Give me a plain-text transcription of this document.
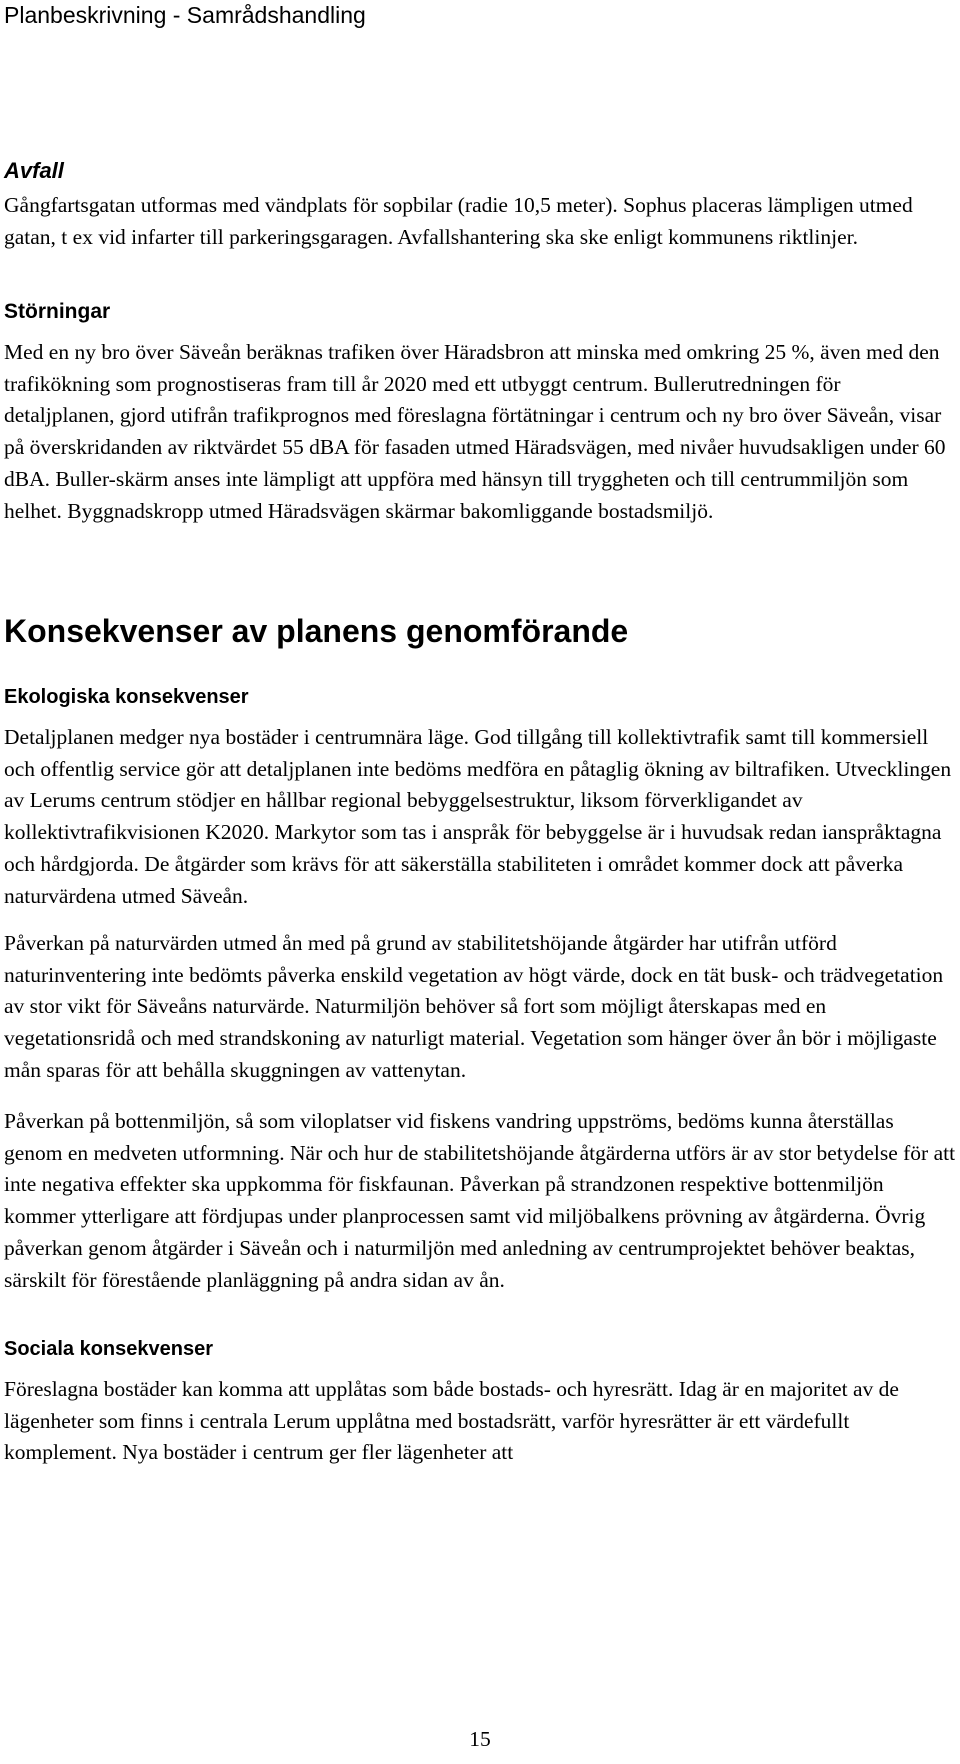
Planbeskrivning - Samrådshandling

Avfall

Gångfartsgatan utformas med vändplats för sopbilar (radie 10,5 meter). Sophus placeras lämpligen utmed gatan, t ex vid infarter till parkeringsgaragen. Avfallshantering ska ske enligt kommunens riktlinjer.

Störningar

Med en ny bro över Säveån beräknas trafiken över Häradsbron att minska med omkring 25 %, även med den trafikökning som prognostiseras fram till år 2020 med ett utbyggt centrum. Bullerutredningen för detaljplanen, gjord utifrån trafikprognos med föreslagna förtätningar i centrum och ny bro över Säveån, visar på överskridanden av riktvärdet 55 dBA för fasaden utmed Häradsvägen, med nivåer huvudsakligen under 60 dBA. Buller-skärm anses inte lämpligt att uppföra med hänsyn till tryggheten och till centrummiljön som helhet. Byggnadskropp utmed Häradsvägen skärmar bakomliggande bostadsmiljö.

Konsekvenser av planens genomförande
Ekologiska konsekvenser

Detaljplanen medger nya bostäder i centrumnära läge. God tillgång till kollektivtrafik samt till kommersiell och offentlig service gör att detaljplanen inte bedöms medföra en påtaglig ökning av biltrafiken. Utvecklingen av Lerums centrum stödjer en hållbar regional bebyggelsestruktur, liksom förverkligandet av kollektivtrafikvisionen K2020. Markytor som tas i anspråk för bebyggelse är i huvudsak redan ianspråktagna och hårdgjorda. De åtgärder som krävs för att säkerställa stabiliteten i området kommer dock att påverka naturvärdena utmed Säveån.

Påverkan på naturvärden utmed ån med på grund av stabilitetshöjande åtgärder har utifrån utförd naturinventering inte bedömts påverka enskild vegetation av högt värde, dock en tät busk- och trädvegetation av stor vikt för Säveåns naturvärde. Naturmiljön behöver så fort som möjligt återskapas med en vegetationsridå och med strandskoning av naturligt material. Vegetation som hänger över ån bör i möjligaste mån sparas för att behålla skuggningen av vattenytan.

Påverkan på bottenmiljön, så som viloplatser vid fiskens vandring uppströms, bedöms kunna återställas genom en medveten utformning. När och hur de stabilitetshöjande åtgärderna utförs är av stor betydelse för att inte negativa effekter ska uppkomma för fiskfaunan. Påverkan på strandzonen respektive bottenmiljön kommer ytterligare att fördjupas under planprocessen samt vid miljöbalkens prövning av åtgärderna. Övrig påverkan genom åtgärder i Säveån och i naturmiljön med anledning av centrumprojektet behöver beaktas, särskilt för förestående planläggning på andra sidan av ån.

Sociala konsekvenser

Föreslagna bostäder kan komma att upplåtas som både bostads- och hyresrätt. Idag är en majoritet av de lägenheter som finns i centrala Lerum upplåtna med bostadsrätt, varför hyresrätter är ett värdefullt komplement. Nya bostäder i centrum ger fler lägenheter att

15
